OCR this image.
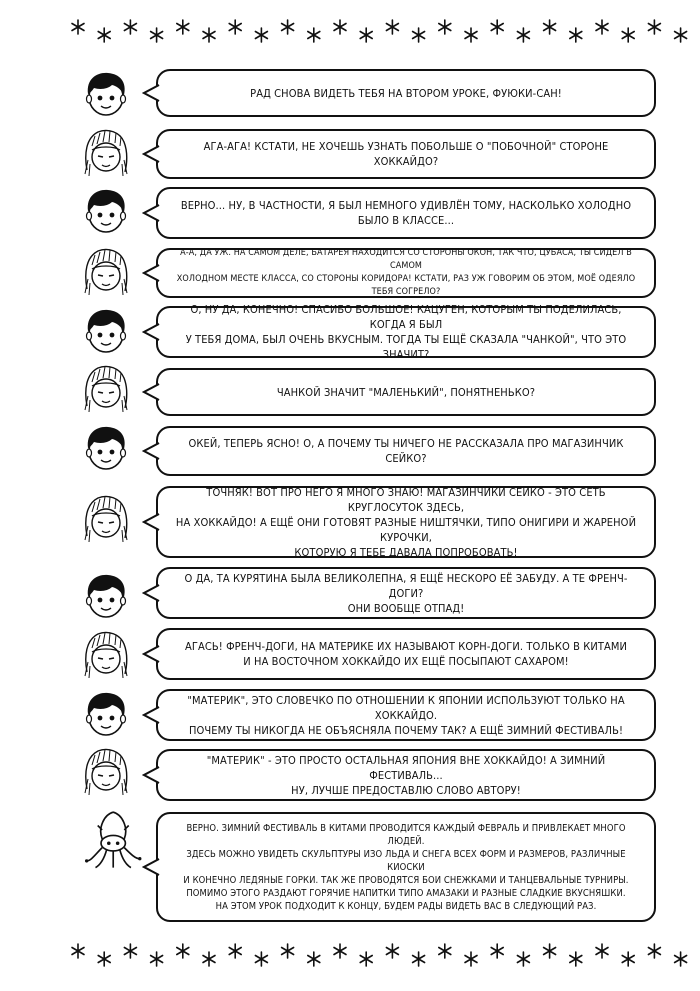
РАД СНОВА ВИДЕТЬ ТЕБЯ НА ВТОРОМ УРОКЕ, ФУЮКИ-САН!
АГА-АГА! КСТАТИ, НЕ ХОЧЕШЬ УЗНАТЬ ПОБОЛЬШЕ О "ПОБОЧНОЙ" СТОРОНЕ ХОККАЙДО?
ВЕРНО... НУ, В ЧАСТНОСТИ, Я БЫЛ НЕМНОГО УДИВЛЁН ТОМУ, НАСКОЛЬКО ХОЛОДНО БЫЛО В КЛАССЕ...
А-А, ДА УЖ. НА САМОМ ДЕЛЕ, БАТАРЕЯ НАХОДИТСЯ СО СТОРОНЫ ОКОН, ТАК ЧТО, ЦУБАСА, ТЫ СИДЕЛ В САМОМ
ХОЛОДНОМ МЕСТЕ КЛАССА, СО СТОРОНЫ КОРИДОРА! КСТАТИ, РАЗ УЖ ГОВОРИМ ОБ ЭТОМ, МОЁ ОДЕЯЛО ТЕБЯ СОГРЕЛО?
О, НУ ДА, КОНЕЧНО! СПАСИБО БОЛЬШОЕ! КАЦУГЕН, КОТОРЫМ ТЫ ПОДЕЛИЛАСЬ, КОГДА Я БЫЛ
У ТЕБЯ ДОМА, БЫЛ ОЧЕНЬ ВКУСНЫМ. ТОГДА ТЫ ЕЩЁ СКАЗАЛА "ЧАНКОЙ", ЧТО ЭТО ЗНАЧИТ?
ЧАНКОЙ ЗНАЧИТ "МАЛЕНЬКИЙ", ПОНЯТНЕНЬКО?
ОКЕЙ, ТЕПЕРЬ ЯСНО! О, А ПОЧЕМУ ТЫ НИЧЕГО НЕ РАССКАЗАЛА ПРО МАГАЗИНЧИК СЕЙКО?
ТОЧНЯК! ВОТ ПРО НЕГО Я МНОГО ЗНАЮ! МАГАЗИНЧИКИ СЕЙКО - ЭТО СЕТЬ КРУГЛОСУТОК ЗДЕСЬ,
НА ХОККАЙДО! А ЕЩЁ ОНИ ГОТОВЯТ РАЗНЫЕ НИШТЯЧКИ, ТИПО ОНИГИРИ И ЖАРЕНОЙ КУРОЧКИ,
КОТОРУЮ Я ТЕБЕ ДАВАЛА ПОПРОБОВАТЬ!
О ДА, ТА КУРЯТИНА БЫЛА ВЕЛИКОЛЕПНА, Я ЕЩЁ НЕСКОРО ЕЁ ЗАБУДУ. А ТЕ ФРЕНЧ-ДОГИ?
ОНИ ВООБЩЕ ОТПАД!
АГАСЬ! ФРЕНЧ-ДОГИ, НА МАТЕРИКЕ ИХ НАЗЫВАЮТ КОРН-ДОГИ. ТОЛЬКО В КИТАМИ
И НА ВОСТОЧНОМ ХОККАЙДО ИХ ЕЩЁ ПОСЫПАЮТ САХАРОМ!
"МАТЕРИК", ЭТО СЛОВЕЧКО ПО ОТНОШЕНИИ К ЯПОНИИ ИСПОЛЬЗУЮТ ТОЛЬКО НА ХОККАЙДО.
ПОЧЕМУ ТЫ НИКОГДА НЕ ОБЪЯСНЯЛА ПОЧЕМУ ТАК? А ЕЩЁ ЗИМНИЙ ФЕСТИВАЛЬ!
"МАТЕРИК" - ЭТО ПРОСТО ОСТАЛЬНАЯ ЯПОНИЯ ВНЕ ХОККАЙДО! А ЗИМНИЙ ФЕСТИВАЛЬ...
НУ, ЛУЧШЕ ПРЕДОСТАВЛЮ СЛОВО АВТОРУ!
ВЕРНО. ЗИМНИЙ ФЕСТИВАЛЬ В КИТАМИ ПРОВОДИТСЯ КАЖДЫЙ ФЕВРАЛЬ И ПРИВЛЕКАЕТ МНОГО ЛЮДЕЙ.
ЗДЕСЬ МОЖНО УВИДЕТЬ СКУЛЬПТУРЫ ИЗО ЛЬДА И СНЕГА ВСЕХ ФОРМ И РАЗМЕРОВ, РАЗЛИЧНЫЕ КИОСКИ
И КОНЕЧНО ЛЕДЯНЫЕ ГОРКИ. ТАК ЖЕ ПРОВОДЯТСЯ БОИ СНЕЖКАМИ И ТАНЦЕВАЛЬНЫЕ ТУРНИРЫ.
ПОМИМО ЭТОГО РАЗДАЮТ ГОРЯЧИЕ НАПИТКИ ТИПО АМАЗАКИ И РАЗНЫЕ СЛАДКИЕ ВКУСНЯШКИ.
НА ЭТОМ УРОК ПОДХОДИТ К КОНЦУ, БУДЕМ РАДЫ ВИДЕТЬ ВАС В СЛЕДУЮЩИЙ РАЗ.
